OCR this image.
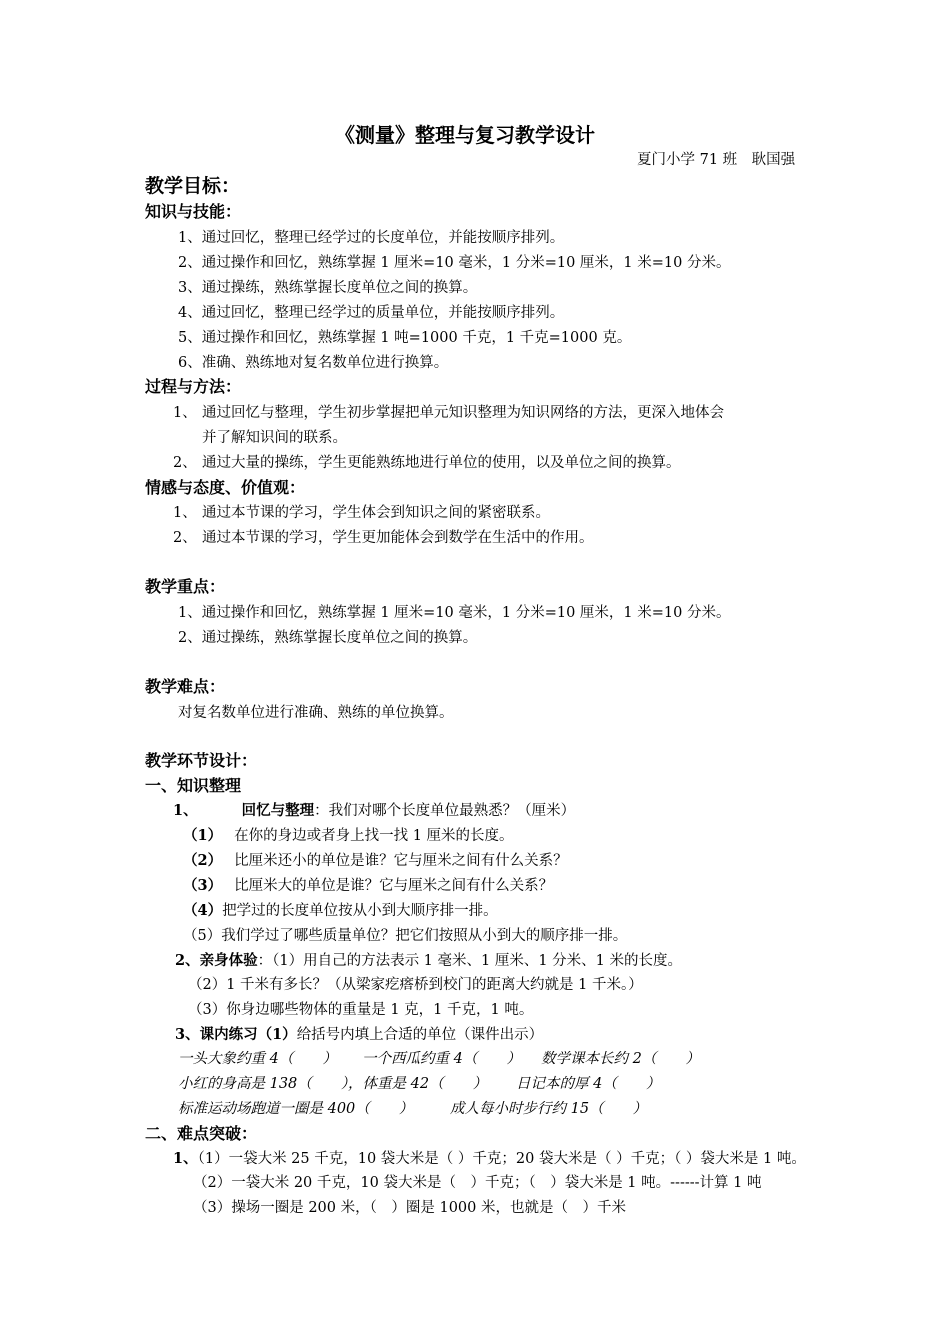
《测量》整理与复习教学设计
夏门小学 71 班　耿国强
教学目标：
知识与技能：
1、通过回忆，整理已经学过的长度单位，并能按顺序排列。
2、通过操作和回忆，熟练掌握 1 厘米=10 毫米，1 分米=10 厘米，1 米=10 分米。
3、通过操练，熟练掌握长度单位之间的换算。
4、通过回忆，整理已经学过的质量单位，并能按顺序排列。
5、通过操作和回忆，熟练掌握 1 吨=1000 千克，1 千克=1000 克。
6、准确、熟练地对复名数单位进行换算。
过程与方法：
1、 通过回忆与整理，学生初步掌握把单元知识整理为知识网络的方法，更深入地体会
并了解知识间的联系。
2、 通过大量的操练，学生更能熟练地进行单位的使用，以及单位之间的换算。
情感与态度、价值观：
1、 通过本节课的学习，学生体会到知识之间的紧密联系。
2、 通过本节课的学习，学生更加能体会到数学在生活中的作用。
教学重点：
1、通过操作和回忆，熟练掌握 1 厘米=10 毫米，1 分米=10 厘米，1 米=10 分米。
2、通过操练，熟练掌握长度单位之间的换算。
教学难点：
对复名数单位进行准确、熟练的单位换算。
教学环节设计：
一、知识整理
1、	回忆与整理：我们对哪个长度单位最熟悉？（厘米）
（1） 在你的身边或者身上找一找 1 厘米的长度。
（2） 比厘米还小的单位是谁？它与厘米之间有什么关系？
（3） 比厘米大的单位是谁？它与厘米之间有什么关系？
（4）把学过的长度单位按从小到大顺序排一排。
（5）我们学过了哪些质量单位？把它们按照从小到大的顺序排一排。
2、亲身体验：（1）用自己的方法表示 1 毫米、1 厘米、1 分米、1 米的长度。
（2）1 千米有多长？（从梁家疙瘩桥到校门的距离大约就是 1 千米。）
（3）你身边哪些物体的重量是 1 克，1 千克，1 吨。
3、课内练习（1）给括号内填上合适的单位（课件出示）
一头大象约重 4（　　） 一个西瓜约重 4（　　） 数学课本长约 2（　　）
小红的身高是 138（　　），体重是 42（　　） 日记本的厚 4（　　）
标准运动场跑道一圈是 400（　　）	成人每小时步行约 15（　　）
二、难点突破：
1、（1）一袋大米 25 千克，10 袋大米是（ ）千克；20 袋大米是（ ）千克；（ ）袋大米是 1 吨。
（2）一袋大米 20 千克，10 袋大米是（　）千克；（　）袋大米是 1 吨。------计算 1 吨
（3）操场一圈是 200 米，（　）圈是 1000 米，也就是（　）千米
